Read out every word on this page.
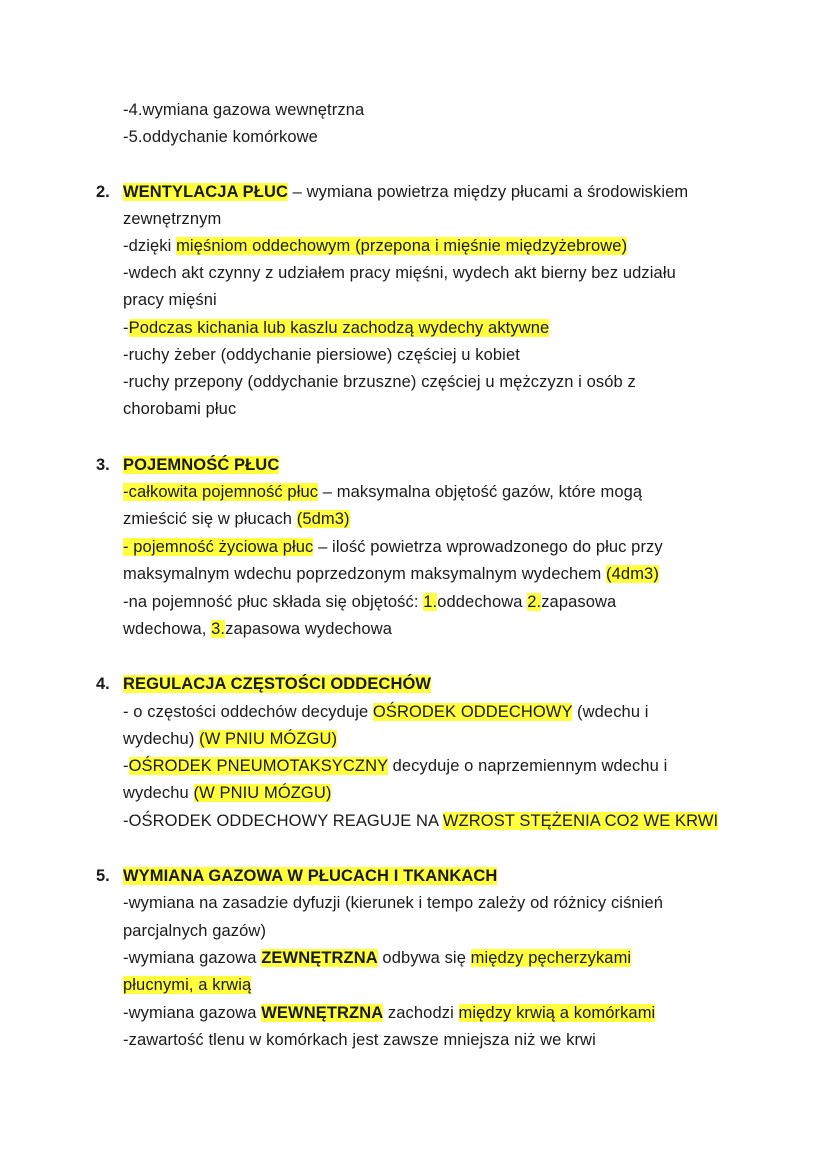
-4.wymiana gazowa wewnętrzna
-5.oddychanie komórkowe
2. WENTYLACJA PŁUC – wymiana powietrza między płucami a środowiskiem
zewnętrznym
-dzięki mięśniom oddechowym (przepona i mięśnie międzyżebrowe)
-wdech akt czynny z udziałem pracy mięśni, wydech akt bierny bez udziału
pracy mięśni
-Podczas kichania lub kaszlu zachodzą wydechy aktywne
-ruchy żeber (oddychanie piersiowe) częściej u kobiet
-ruchy przepony (oddychanie brzuszne) częściej u mężczyzn i osób z
chorobami płuc
3. POJEMNOŚĆ PŁUC
-całkowita pojemność płuc – maksymalna objętość gazów, które mogą
zmieścić się w płucach (5dm3)
- pojemność życiowa płuc – ilość powietrza wprowadzonego do płuc przy
maksymalnym wdechu poprzedzonym maksymalnym wydechem (4dm3)
-na pojemność płuc składa się objętość: 1.oddechowa 2.zapasowa
wdechowa, 3.zapasowa wydechowa
4. REGULACJA CZĘSTOŚCI ODDECHÓW
- o częstości oddechów decyduje OŚRODEK ODDECHOWY (wdechu i
wydechu) (W PNIU MÓZGU)
-OŚRODEK PNEUMOTAKSYCZNY decyduje o naprzemiennym wdechu i
wydechu (W PNIU MÓZGU)
-OŚRODEK ODDECHOWY REAGUJE NA WZROST STĘŻENIA CO2 WE KRWI
5. WYMIANA GAZOWA W PŁUCACH I TKANKACH
-wymiana na zasadzie dyfuzji (kierunek i tempo zależy od różnicy ciśnień
parcjalnych gazów)
-wymiana gazowa ZEWNĘTRZNA odbywa się między pęcherzykami
płucnymi, a krwią
-wymiana gazowa WEWNĘTRZNA zachodzi między krwią a komórkami
-zawartość tlenu w komórkach jest zawsze mniejsza niż we krwi
